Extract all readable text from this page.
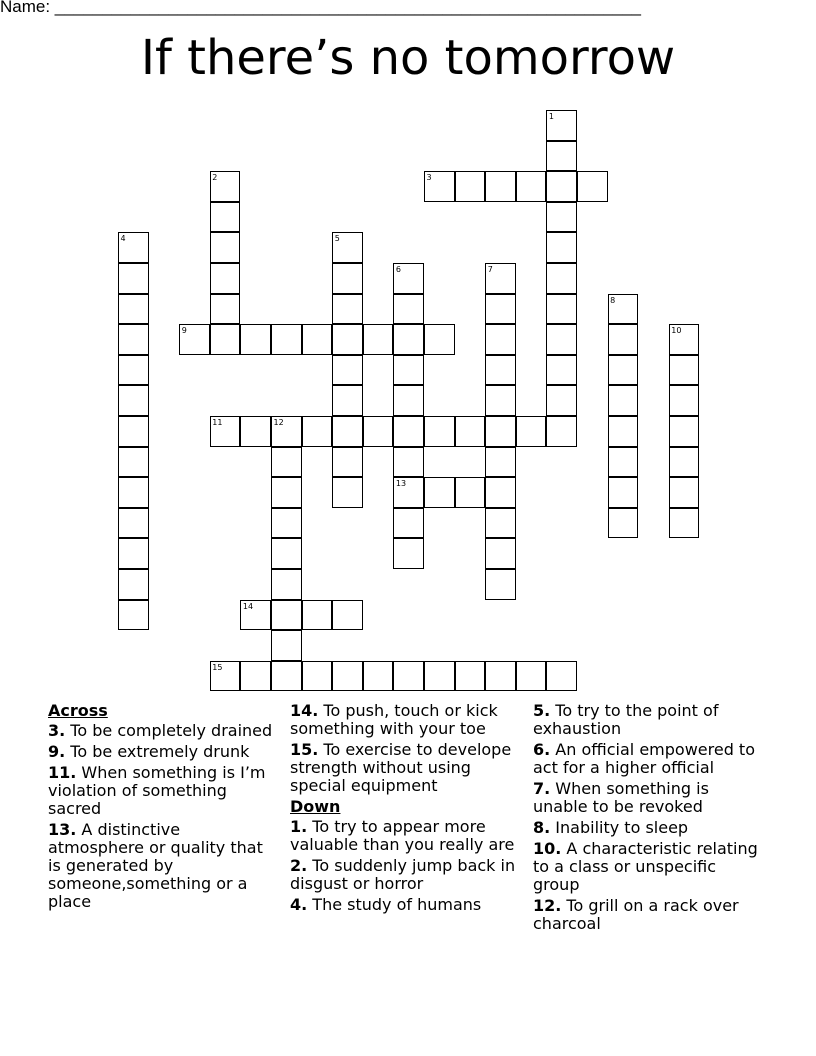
Name: ______________________________________________________________
If there’s no tomorrow
1
2	3
4	5
6	7
8
9	10
11	12
13
14
15
Across
3. To be completely drained
9. To be extremely drunk
11. When something is I’m violation of something sacred
13. A distinctive atmosphere or quality that is generated by someone,something or a place
14. To push, touch or kick something with your toe
15. To exercise to develope strength without using special equipment
Down
1. To try to appear more valuable than you really are
2. To suddenly jump back in disgust or horror
4. The study of humans
5. To try to the point of exhaustion
6. An official empowered to act for a higher official
7. When something is unable to be revoked
8. Inability to sleep
10. A characteristic relating to a class or unspecific group
12. To grill on a rack over charcoal
